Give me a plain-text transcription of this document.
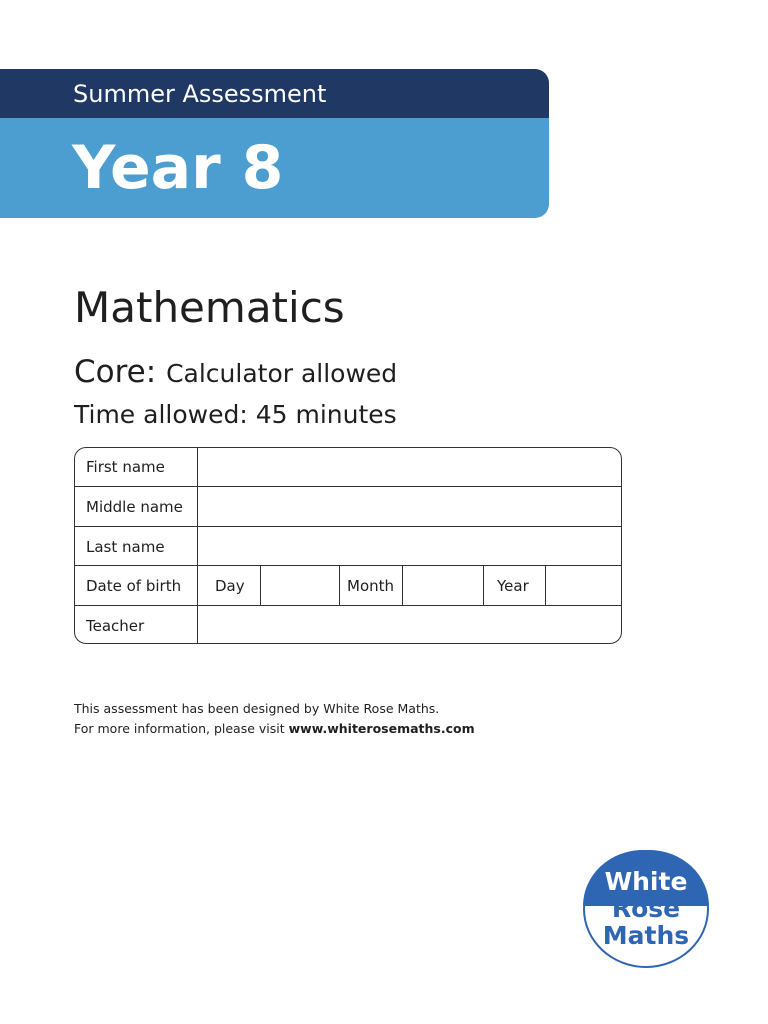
Summer Assessment
Year 8
Mathematics
Core: Calculator allowed
Time allowed: 45 minutes
First name
Middle name
Last name
Date of birth Day	Month	Year
Teacher
This assessment has been designed by White Rose Maths.
For more information, please visit www.whiterosemaths.com
White
Rose
Maths
